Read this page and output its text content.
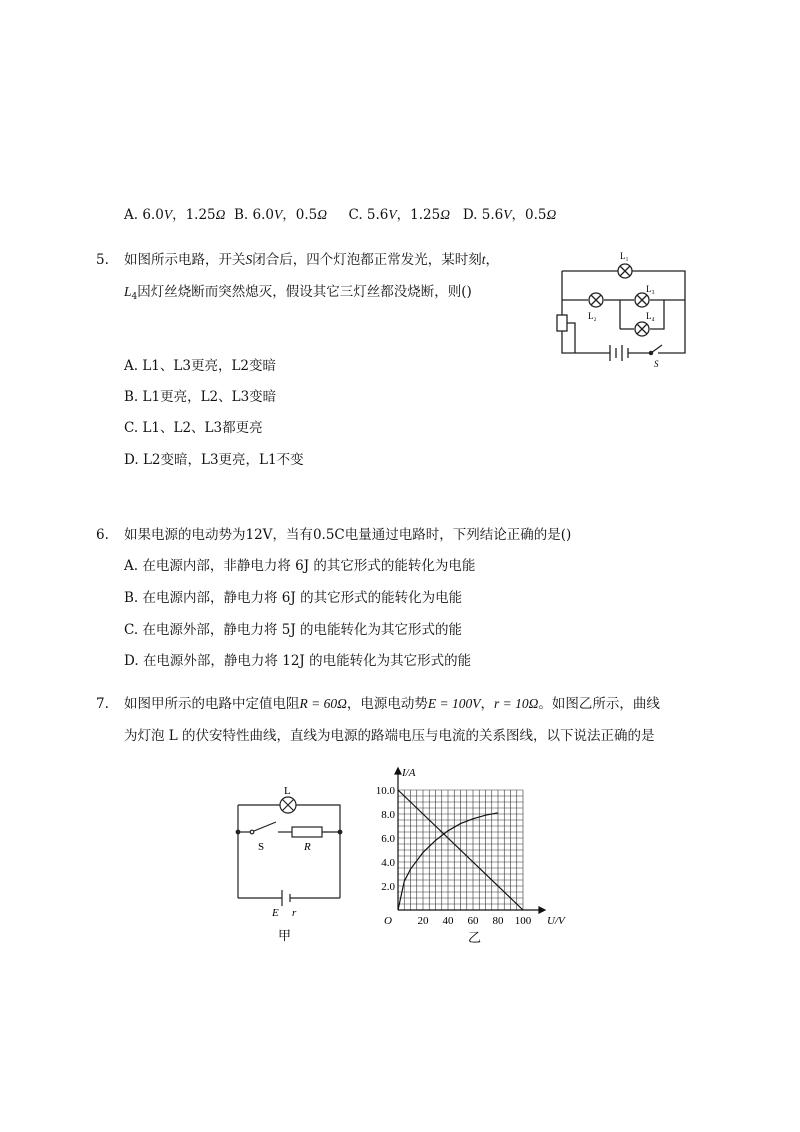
A. 6.0V，1.25Ω B. 6.0V，0.5Ω C. 5.6V，1.25Ω D. 5.6V，0.5Ω
5. 如图所示电路，开关S闭合后，四个灯泡都正常发光，某时刻t，
$L_4$因灯丝烧断而突然熄灭，假设其它三灯丝都没烧断，则()
A. L1、L3更亮，L2变暗
B. L1更亮，L2、L3变暗
C. L1、L2、L3都更亮
D. L2变暗，L3更亮，L1不变
L₁
L₂
L₃
L₄
S
6. 如果电源的电动势为12V，当有0.5C电量通过电路时，下列结论正确的是()
A. 在电源内部，非静电力将 6J 的其它形式的能转化为电能
B. 在电源内部，静电力将 6J 的其它形式的能转化为电能
C. 在电源外部，静电力将 5J 的电能转化为其它形式的能
D. 在电源外部，静电力将 12J 的电能转化为其它形式的能
7. 如图甲所示的电路中定值电阻R = 60Ω，电源电动势E = 100V，r = 10Ω。如图乙所示，曲线
为灯泡 L 的伏安特性曲线，直线为电源的路端电压与电流的关系图线，以下说法正确的是
L
S	R
E r
甲
2.0
4.0
6.0
8.0
10.0
20 40 60 80 100
I/A
U/V
O
乙
